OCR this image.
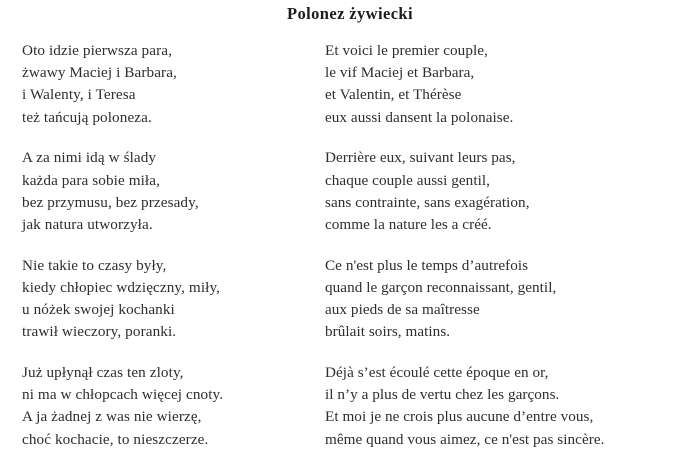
Polonez żywiecki
Oto idzie pierwsza para,
żwawy Maciej i Barbara,
i Walenty, i Teresa
też tańcują poloneza.
A za nimi idą w ślady
każda para sobie miła,
bez przymusu, bez przesady,
jak natura utworzyła.
Nie takie to czasy były,
kiedy chłopiec wdzięczny, miły,
u nóżek swojej kochanki
trawił wieczory, poranki.
Już upłynął czas ten zloty,
ni ma w chłopcach więcej cnoty.
A ja żadnej z was nie wierzę,
choć kochacie, to nieszczerze.
Et voici le premier couple,
le vif Maciej et Barbara,
et Valentin, et Thérèse
eux aussi dansent la polonaise.
Derrière eux, suivant leurs pas,
chaque couple aussi gentil,
sans contrainte, sans exagération,
comme la nature les a créé.
Ce n'est plus le temps d’autrefois
quand le garçon reconnaissant, gentil,
aux pieds de sa maîtresse
brûlait soirs, matins.
Déjà s’est écoulé cette époque en or,
il n’y a plus de vertu chez les garçons.
Et moi je ne crois plus aucune d’entre vous,
même quand vous aimez, ce n'est pas sincère.
